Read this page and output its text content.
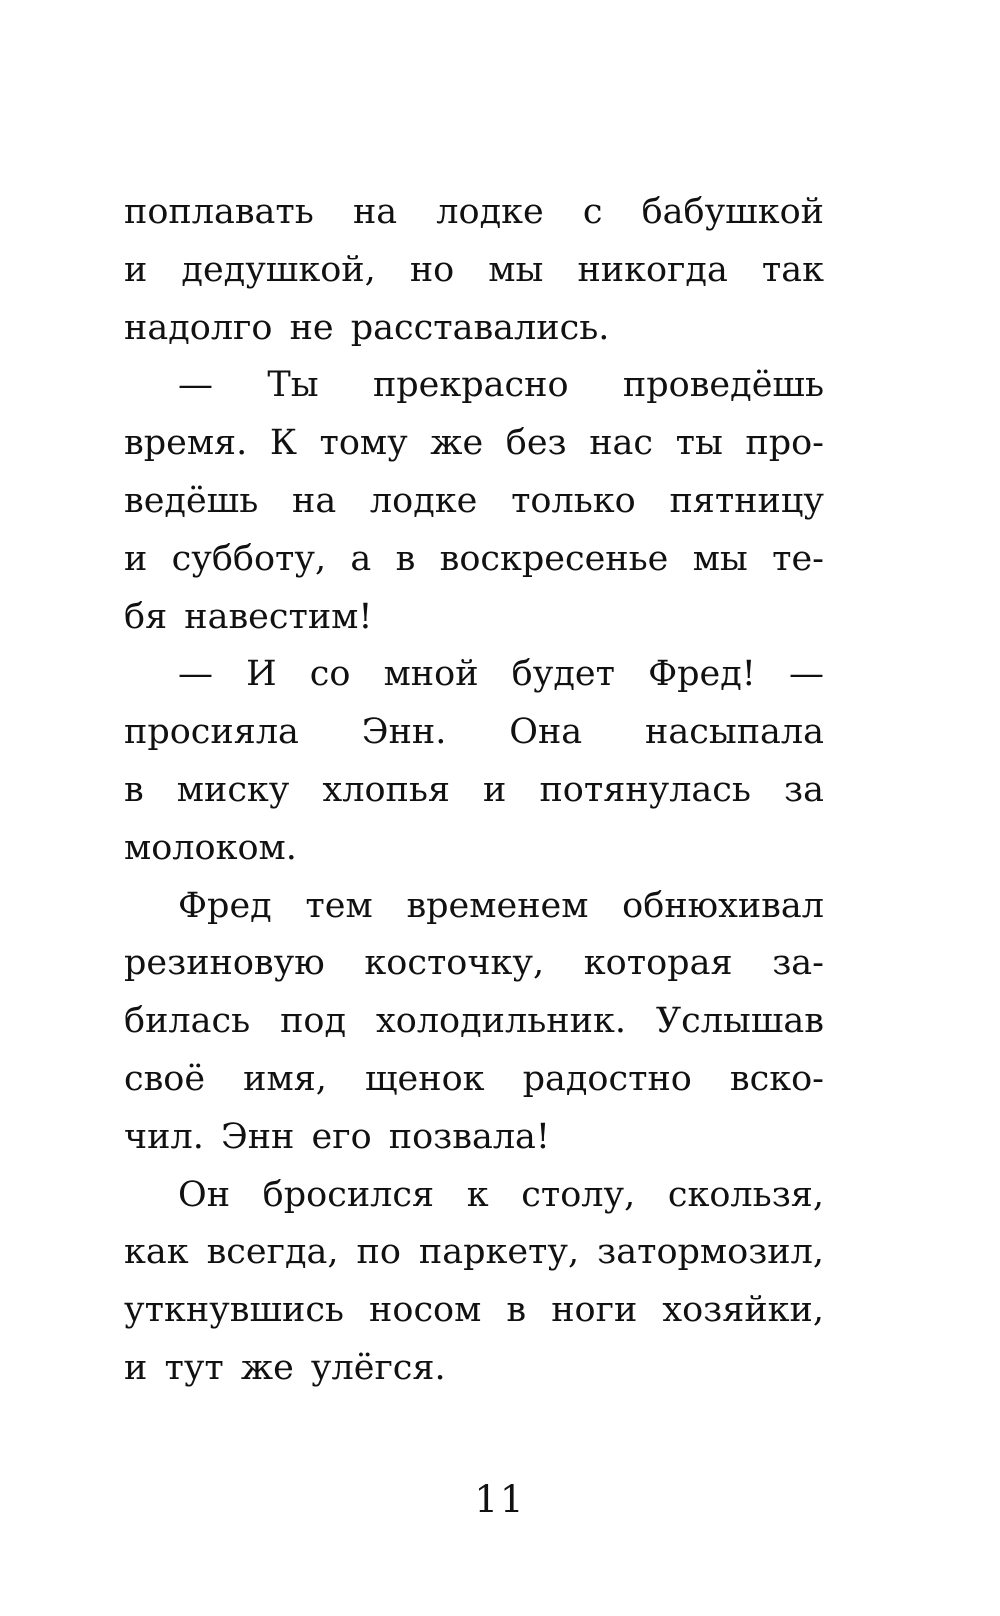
поплавать на лодке с бабушкой
и дедушкой, но мы никогда так
надолго не расставались.
— Ты прекрасно проведёшь
время. К тому же без нас ты про-
ведёшь на лодке только пятницу
и субботу, а в воскресенье мы те-
бя навестим!
— И со мной будет Фред! —
просияла Энн. Она насыпала
в миску хлопья и потянулась за
молоком.
Фред тем временем обнюхивал
резиновую косточку, которая за-
билась под холодильник. Услышав
своё имя, щенок радостно вско-
чил. Энн его позвала!
Он бросился к столу, скользя,
как всегда, по паркету, затормозил,
уткнувшись носом в ноги хозяйки,
и тут же улёгся.
11
